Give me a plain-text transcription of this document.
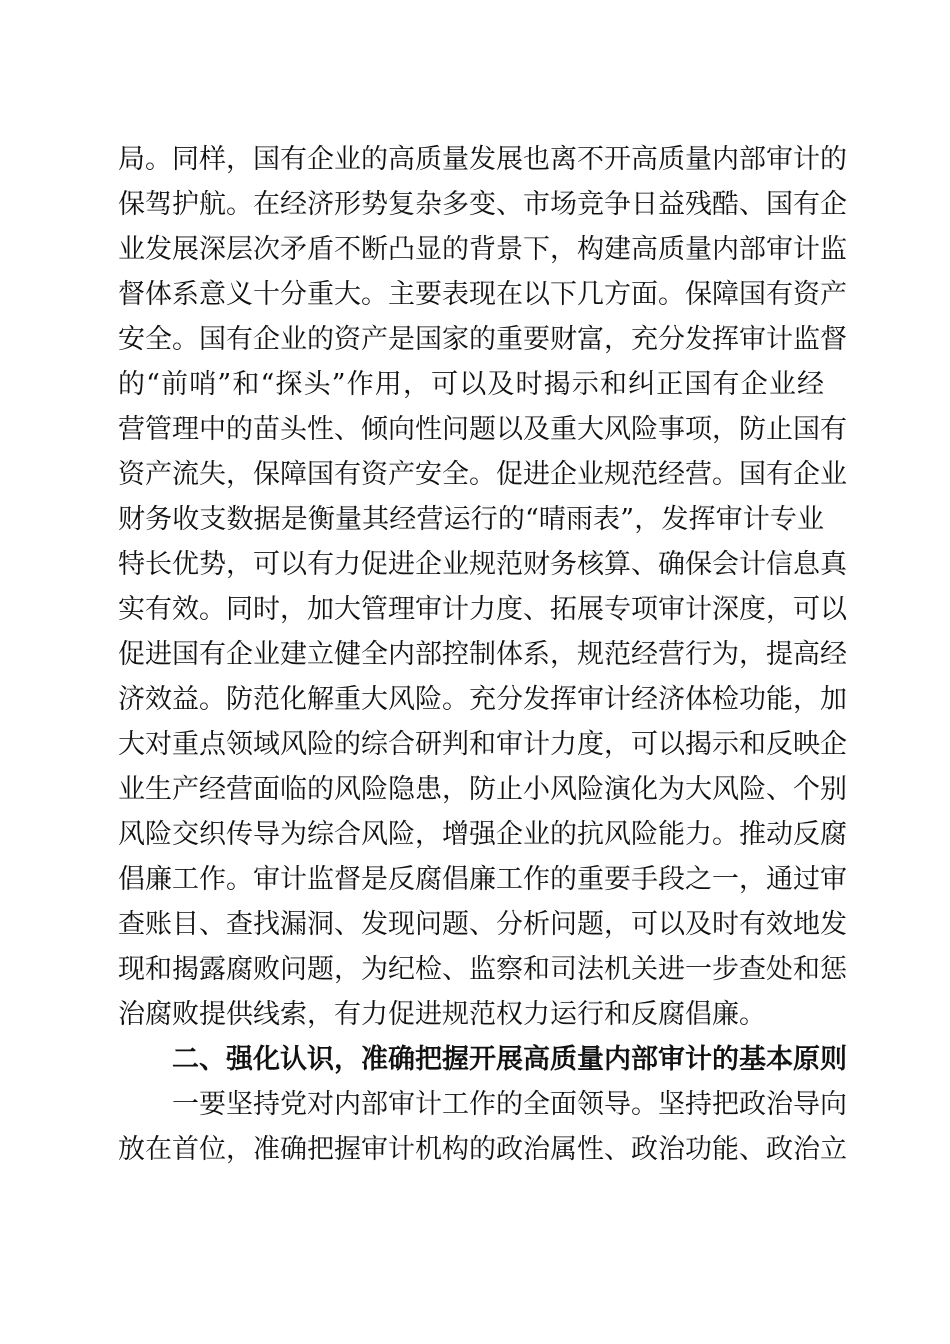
局。同样，国有企业的高质量发展也离不开高质量内部审计的
保驾护航。在经济形势复杂多变、市场竞争日益残酷、国有企
业发展深层次矛盾不断凸显的背景下，构建高质量内部审计监
督体系意义十分重大。主要表现在以下几方面。保障国有资产
安全。国有企业的资产是国家的重要财富，充分发挥审计监督
的“前哨”和“探头”作用，可以及时揭示和纠正国有企业经
营管理中的苗头性、倾向性问题以及重大风险事项，防止国有
资产流失，保障国有资产安全。促进企业规范经营。国有企业
财务收支数据是衡量其经营运行的“晴雨表”，发挥审计专业
特长优势，可以有力促进企业规范财务核算、确保会计信息真
实有效。同时，加大管理审计力度、拓展专项审计深度，可以
促进国有企业建立健全内部控制体系，规范经营行为，提高经
济效益。防范化解重大风险。充分发挥审计经济体检功能，加
大对重点领域风险的综合研判和审计力度，可以揭示和反映企
业生产经营面临的风险隐患，防止小风险演化为大风险、个别
风险交织传导为综合风险，增强企业的抗风险能力。推动反腐
倡廉工作。审计监督是反腐倡廉工作的重要手段之一，通过审
查账目、查找漏洞、发现问题、分析问题，可以及时有效地发
现和揭露腐败问题，为纪检、监察和司法机关进一步查处和惩
治腐败提供线索，有力促进规范权力运行和反腐倡廉。
二、强化认识，准确把握开展高质量内部审计的基本原则
一要坚持党对内部审计工作的全面领导。坚持把政治导向
放在首位，准确把握审计机构的政治属性、政治功能、政治立
